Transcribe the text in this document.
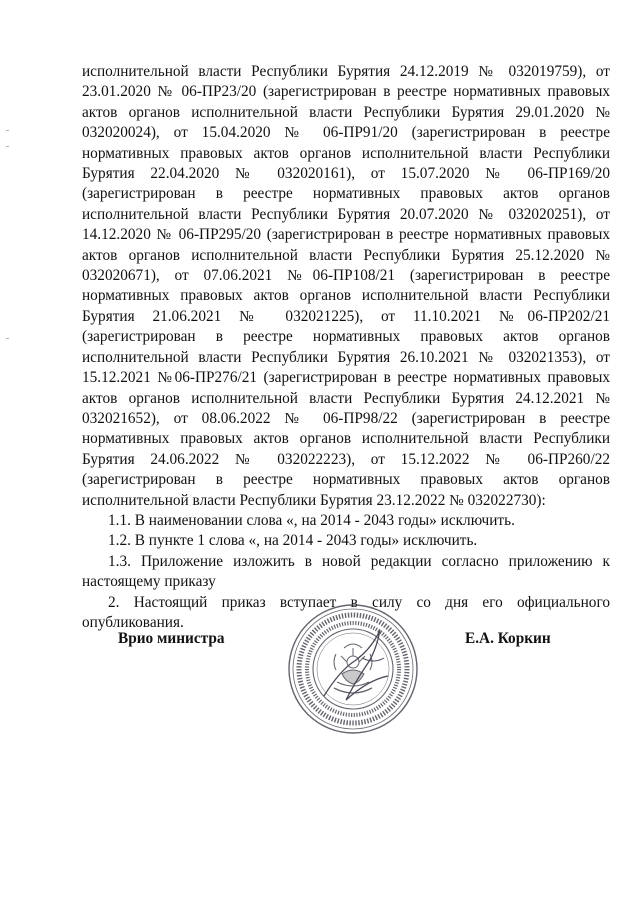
исполнительной власти Республики Бурятия 24.12.2019 № 032019759), от 23.01.2020 № 06-ПР23/20 (зарегистрирован в реестре нормативных правовых актов органов исполнительной власти Республики Бурятия 29.01.2020 № 032020024), от 15.04.2020 № 06-ПР91/20 (зарегистрирован в реестре нормативных правовых актов органов исполнительной власти Республики Бурятия 22.04.2020 № 032020161), от 15.07.2020 № 06-ПР169/20 (зарегистрирован в реестре нормативных правовых актов органов исполнительной власти Республики Бурятия 20.07.2020 № 032020251), от 14.12.2020 № 06-ПР295/20 (зарегистрирован в реестре нормативных правовых актов органов исполнительной власти Республики Бурятия 25.12.2020 № 032020671), от 07.06.2021 №06-ПР108/21 (зарегистрирован в реестре нормативных правовых актов органов исполнительной власти Республики Бурятия 21.06.2021 № 032021225), от 11.10.2021 №06-ПР202/21 (зарегистрирован в реестре нормативных правовых актов органов исполнительной власти Республики Бурятия 26.10.2021 № 032021353), от 15.12.2021 №06-ПР276/21 (зарегистрирован в реестре нормативных правовых актов органов исполнительной власти Республики Бурятия 24.12.2021 № 032021652), от 08.06.2022 № 06-ПР98/22 (зарегистрирован в реестре нормативных правовых актов органов исполнительной власти Республики Бурятия 24.06.2022 № 032022223), от 15.12.2022 № 06-ПР260/22 (зарегистрирован в реестре нормативных правовых актов органов исполнительной власти Республики Бурятия 23.12.2022 № 032022730):

1.1. В наименовании слова «, на 2014 - 2043 годы» исключить.

1.2. В пункте 1 слова «, на 2014 - 2043 годы» исключить.

1.3. Приложение изложить в новой редакции согласно приложению к настоящему приказу

2. Настоящий приказ вступает в силу со дня его официального опубликования.

Врио министра	Е.А. Коркин
